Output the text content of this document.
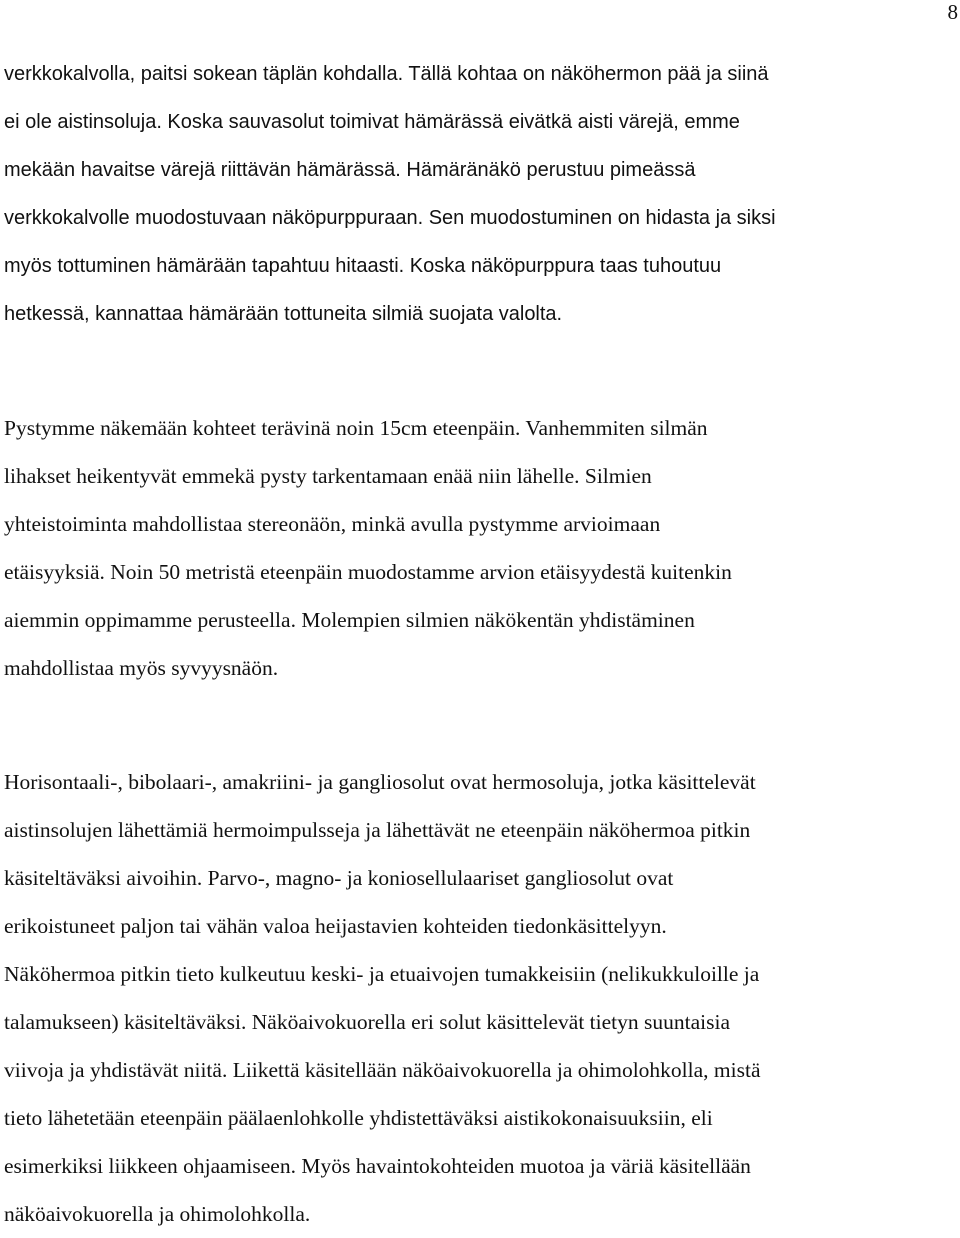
8

verkkokalvolla, paitsi sokean täplän kohdalla. Tällä kohtaa on näköhermon pää ja siinä
ei ole aistinsoluja. Koska sauvasolut toimivat hämärässä eivätkä aisti värejä, emme
mekään havaitse värejä riittävän hämärässä. Hämäränäkö perustuu pimeässä
verkkokalvolle muodostuvaan näköpurppuraan. Sen muodostuminen on hidasta ja siksi
myös tottuminen hämärään tapahtuu hitaasti. Koska näköpurppura taas tuhoutuu
hetkessä, kannattaa hämärään tottuneita silmiä suojata valolta.

Pystymme näkemään kohteet terävinä noin 15cm eteenpäin. Vanhemmiten silmän
lihakset heikentyvät emmekä pysty tarkentamaan enää niin lähelle. Silmien
yhteistoiminta mahdollistaa stereonäön, minkä avulla pystymme arvioimaan
etäisyyksiä. Noin 50 metristä eteenpäin muodostamme arvion etäisyydestä kuitenkin
aiemmin oppimamme perusteella. Molempien silmien näkökentän yhdistäminen
mahdollistaa myös syvyysnäön.

Horisontaali-, bibolaari-, amakriini- ja gangliosolut ovat hermosoluja, jotka käsittelevät
aistinsolujen lähettämiä hermoimpulsseja ja lähettävät ne eteenpäin näköhermoa pitkin
käsiteltäväksi aivoihin. Parvo-, magno- ja koniosellulaariset gangliosolut ovat
erikoistuneet paljon tai vähän valoa heijastavien kohteiden tiedonkäsittelyyn.
Näköhermoa pitkin tieto kulkeutuu keski- ja etuaivojen tumakkeisiin (nelikukkuloille ja
talamukseen) käsiteltäväksi. Näköaivokuorella eri solut käsittelevät tietyn suuntaisia
viivoja ja yhdistävät niitä. Liikettä käsitellään näköaivokuorella ja ohimolohkolla, mistä
tieto lähetetään eteenpäin päälaenlohkolle yhdistettäväksi aistikokonaisuuksiin, eli
esimerkiksi liikkeen ohjaamiseen. Myös havaintokohteiden muotoa ja väriä käsitellään
näköaivokuorella ja ohimolohkolla.
